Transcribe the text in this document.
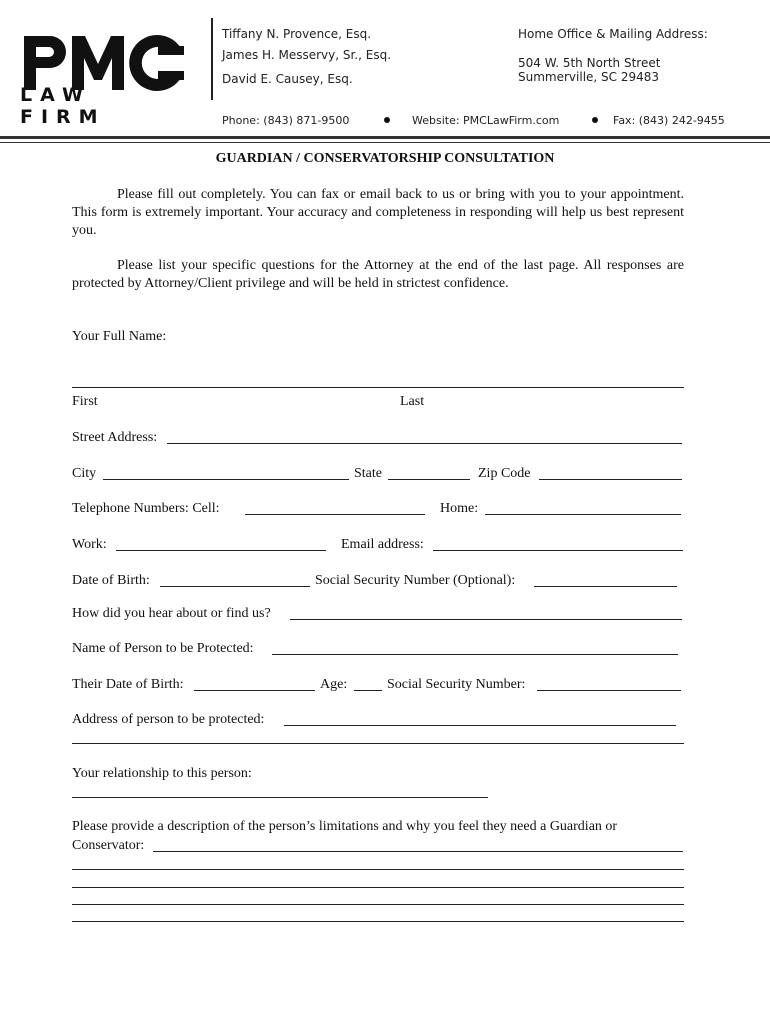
LAW FIRM
Tiffany N. Provence, Esq.
James H. Messervy, Sr., Esq.
David E. Causey, Esq.
Home Office & Mailing Address:
504 W. 5th North Street
Summerville, SC 29483
Phone: (843) 871-9500	Website: PMCLawFirm.com	Fax: (843) 242-9455
GUARDIAN / CONSERVATORSHIP CONSULTATION
Please fill out completely. You can fax or email back to us or bring with you to your appointment. This form is extremely important. Your accuracy and completeness in responding will help us best represent you.
Please list your specific questions for the Attorney at the end of the last page. All responses are protected by Attorney/Client privilege and will be held in strictest confidence.
Your Full Name:
First	Last
Street Address:
City	State	Zip Code
Telephone Numbers: Cell:	Home:
Work:	Email address:
Date of Birth:	Social Security Number (Optional):
How did you hear about or find us?
Name of Person to be Protected:
Their Date of Birth:	Age:	Social Security Number:
Address of person to be protected:
Your relationship to this person:
Please provide a description of the person’s limitations and why you feel they need a Guardian or
Conservator:
